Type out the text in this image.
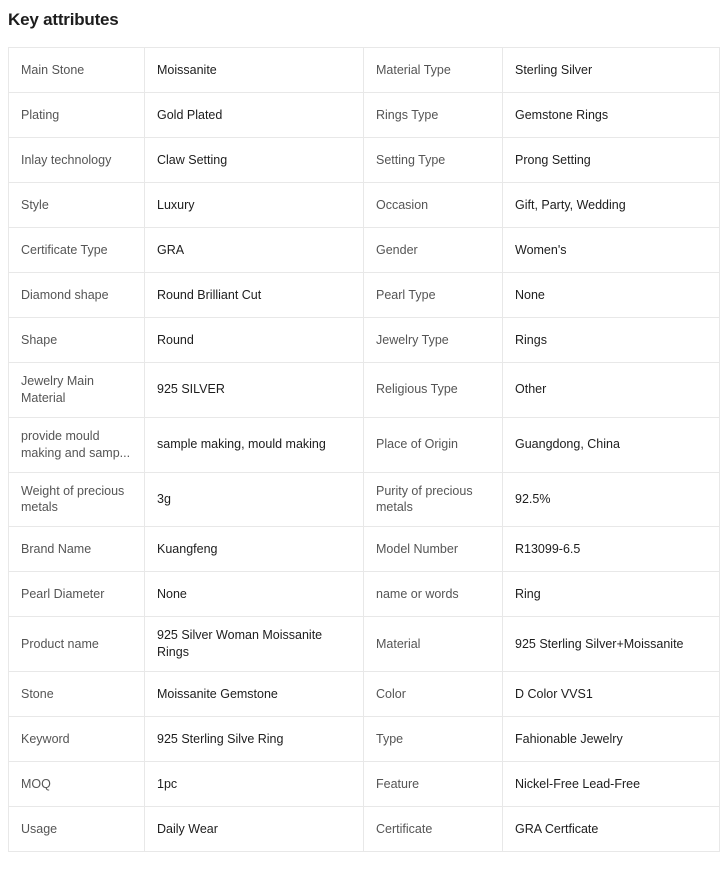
Key attributes
Main Stone	Moissanite	Material Type	Sterling Silver
Plating	Gold Plated	Rings Type	Gemstone Rings
Inlay technology	Claw Setting	Setting Type	Prong Setting
Style	Luxury	Occasion	Gift, Party, Wedding
Certificate Type	GRA	Gender	Women's
Diamond shape	Round Brilliant Cut	Pearl Type	None
Shape	Round	Jewelry Type	Rings
Jewelry Main Material	925 SILVER	Religious Type	Other
provide mould making and samp...	sample making, mould making	Place of Origin	Guangdong, China
Weight of precious metals	3g	Purity of precious metals	92.5%
Brand Name	Kuangfeng	Model Number	R13099-6.5
Pearl Diameter	None	name or words	Ring
Product name	925 Silver Woman Moissanite Rings	Material	925 Sterling Silver+Moissanite
Stone	Moissanite Gemstone	Color	D Color VVS1
Keyword	925 Sterling Silve Ring	Type	Fahionable Jewelry
MOQ	1pc	Feature	Nickel-Free Lead-Free
Usage	Daily Wear	Certificate	GRA Certficate
